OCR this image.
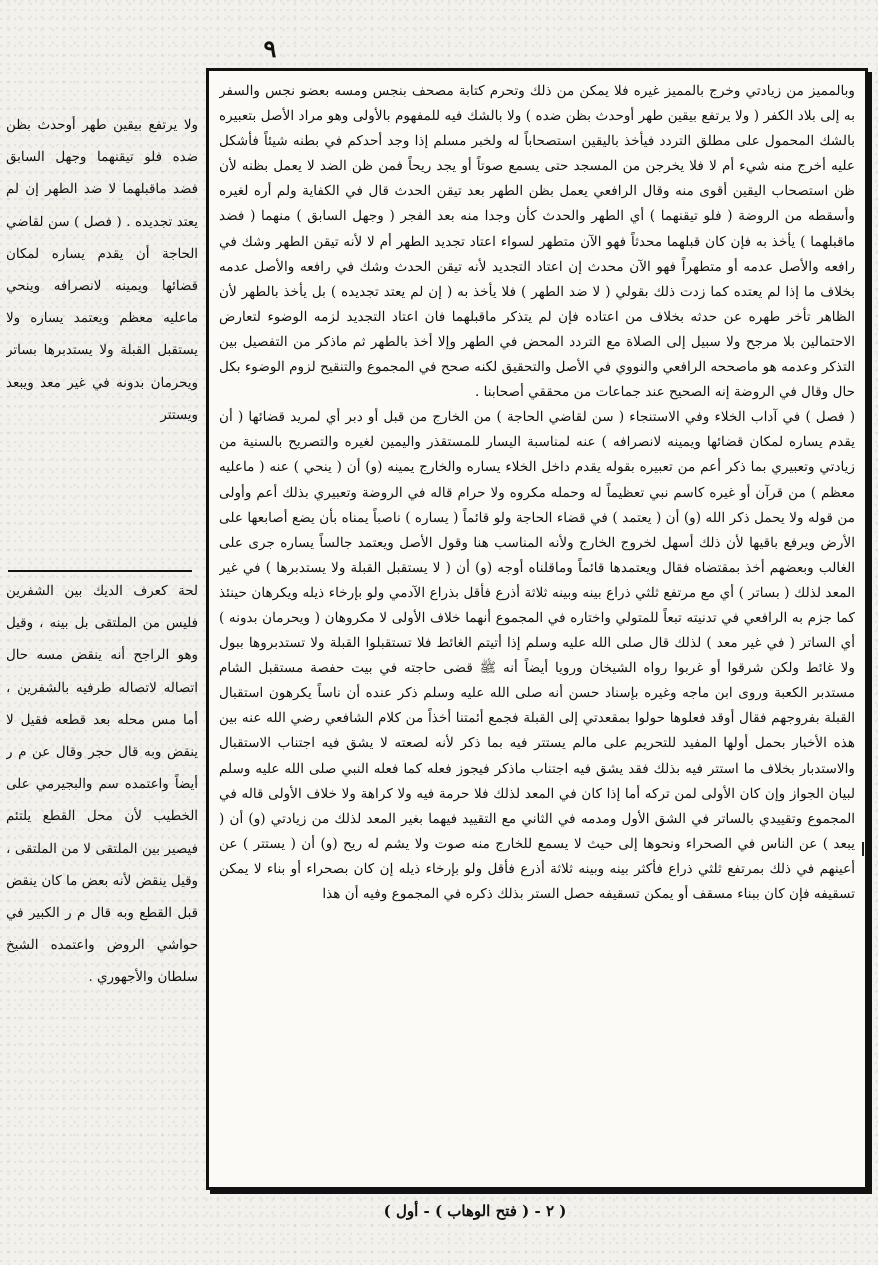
٩

وبالمميز من زيادتي وخرج بالمميز غيره فلا يمكن من ذلك وتحرم كتابة مصحف بنجس ومسه بعضو نجس والسفر به إلى بلاد الكفر ( ولا يرتفع بيقين طهر أوحدث بظن ضده ) ولا بالشك فيه للمفهوم بالأولى وهو مراد الأصل بتعبيره بالشك المحمول على مطلق التردد فيأخذ باليقين استصحاباً له ولخبر مسلم إذا وجد أحدكم في بطنه شيئاً فأشكل عليه أخرج منه شيء أم لا فلا يخرجن من المسجد حتى يسمع صوتاً أو يجد ريحاً فمن ظن الضد لا يعمل بظنه لأن ظن استصحاب اليقين أقوى منه وقال الرافعي يعمل بظن الطهر بعد تيقن الحدث قال في الكفاية ولم أره لغيره وأسقطه من الروضة ( فلو تيقنهما ) أي الطهر والحدث كأن وجدا منه بعد الفجر ( وجهل السابق ) منهما ( فضد ماقبلهما ) يأخذ به فإن كان قبلهما محدثاً فهو الآن متطهر لسواء اعتاد تجديد الطهر أم لا لأنه تيقن الطهر وشك في رافعه والأصل عدمه أو متطهراً فهو الآن محدث إن اعتاد التجديد لأنه تيقن الحدث وشك في رافعه والأصل عدمه بخلاف ما إذا لم يعتده كما زدت ذلك بقولي ( لا ضد الطهر ) فلا يأخذ به ( إن لم يعتد تجديده ) بل يأخذ بالطهر لأن الظاهر تأخر طهره عن حدثه بخلاف من اعتاده فإن لم يتذكر ماقبلهما فان اعتاد التجديد لزمه الوضوء لتعارض الاحتمالين بلا مرجح ولا سبيل إلى الصلاة مع التردد المحض في الطهر وإلا أخذ بالطهر ثم ماذكر من التفصيل بين التذكر وعدمه هو ماصححه الرافعي والنووي في الأصل والتحقيق لكنه صحح في المجموع والتنقيح لزوم الوضوء بكل حال وقال في الروضة إنه الصحيح عند جماعات من محققي أصحابنا .

( فصل ) في آداب الخلاء وفي الاستنجاء ( سن لقاضي الحاجة ) من الخارج من قبل أو دبر أي لمريد قضائها ( أن يقدم يساره لمكان قضائها ويمينه لانصرافه ) عنه لمناسبة اليسار للمستقذر واليمين لغيره والتصريح بالسنية من زيادتي وتعبيري بما ذكر أعم من تعبيره بقوله يقدم داخل الخلاء يساره والخارج يمينه (و) أن ( ينحي ) عنه ( ماعليه معظم ) من قرآن أو غيره كاسم نبي تعظيماً له وحمله مكروه ولا حرام قاله في الروضة وتعبيري بذلك أعم وأولى من قوله ولا يحمل ذكر الله (و) أن ( يعتمد ) في قضاء الحاجة ولو قائماً ( يساره ) ناصباً يمناه بأن يضع أصابعها على الأرض ويرفع باقيها لأن ذلك أسهل لخروج الخارج ولأنه المناسب هنا وقول الأصل ويعتمد جالساً يساره جرى على الغالب وبعضهم أخذ بمقتضاه فقال ويعتمدها قائماً وماقلناه أوجه (و) أن ( لا يستقبل القبلة ولا يستدبرها ) في غير المعد لذلك ( بساتر ) أي مع مرتفع ثلثي ذراع بينه وبينه ثلاثة أذرع فأقل بذراع الآدمي ولو بإرخاء ذيله ويكرهان حينئذ كما جزم به الرافعي في تدنيته تبعاً للمتولي واختاره في المجموع أنهما خلاف الأولى لا مكروهان ( ويحرمان بدونه ) أي الساتر ( في غير معد ) لذلك قال صلى الله عليه وسلم إذا أتيتم الغائط فلا تستقبلوا القبلة ولا تستدبروها ببول ولا غائط ولكن شرقوا أو غربوا رواه الشيخان ورويا أيضاً أنه ﷺ قضى حاجته في بيت حفصة مستقبل الشام مستدبر الكعبة وروى ابن ماجه وغيره بإسناد حسن أنه صلى الله عليه وسلم ذكر عنده أن ناساً يكرهون استقبال القبلة بفروجهم فقال أوقد فعلوها حولوا بمقعدتي إلى القبلة فجمع أئمتنا أخذاً من كلام الشافعي رضي الله عنه بين هذه الأخبار بحمل أولها المفيد للتحريم على مالم يستتر فيه بما ذكر لأنه لصعته لا يشق فيه اجتناب الاستقبال والاستدبار بخلاف ما استتر فيه بذلك فقد يشق فيه اجتناب ماذكر فيجوز فعله كما فعله النبي صلى الله عليه وسلم لبيان الجواز وإن كان الأولى لمن تركه أما إذا كان في المعد لذلك فلا حرمة فيه ولا كراهة ولا خلاف الأولى قاله في المجموع وتقييدي بالساتر في الشق الأول ومدمه في الثاني مع التقييد فيهما بغير المعد لذلك من زيادتي (و) أن ( يبعد ) عن الناس في الصحراء ونحوها إلى حيث لا يسمع للخارج منه صوت ولا يشم له ريح (و) أن ( يستتر ) عن أعينهم في ذلك بمرتفع ثلثي ذراع فأكثر بينه وبينه ثلاثة أذرع فأقل ولو بإرخاء ذيله إن كان بصحراء أو بناء لا يمكن تسقيفه فإن كان ببناء مسقف أو يمكن تسقيفه حصل الستر بذلك ذكره في المجموع وفيه أن هذا

ولا يرتفع بيقين طهر أوحدث بظن ضده فلو تيقنهما وجهل السابق فضد ماقبلهما لا ضد الطهر إن لم يعتد تجديده . ( فصل ) سن لقاضي الحاجة أن يقدم يساره لمكان قضائها ويمينه لانصرافه وينحي ماعليه معظم ويعتمد يساره ولا يستقبل القبلة ولا يستدبرها بساتر ويحرمان بدونه في غير معد ويبعد ويستتر
لحة كعرف الديك بين الشفرين فليس من الملتقى بل بينه ، وقيل وهو الراجح أنه ينقض مسه حال اتصاله لاتصاله طرفيه بالشفرين ، أما مس محله بعد قطعه فقيل لا ينقض وبه قال حجر وقال عن م ر أيضاً واعتمده سم والبجيرمي على الخطيب لأن محل القطع يلتئم فيصير بين الملتقى لا من الملتقى ، وقيل ينقض لأنه بعض ما كان ينقض قبل القطع وبه قال م ر الكبير في حواشي الروض واعتمده الشيخ سلطان والأجهوري .
( ٢ - ( فتح الوهاب ) - أول )
